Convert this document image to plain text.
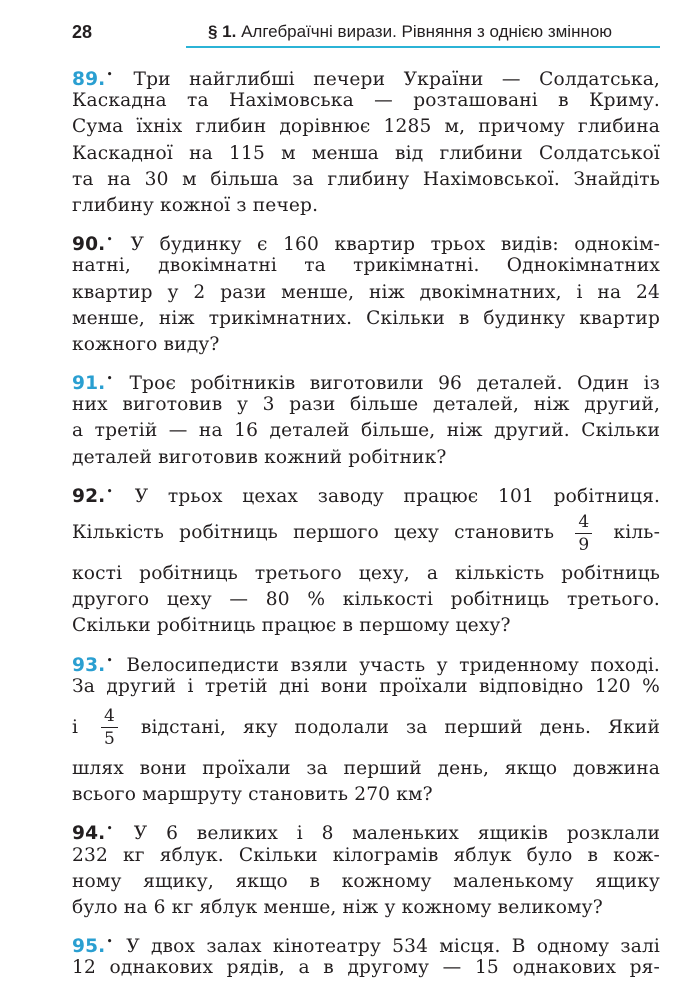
28	§ 1. Алгебраїчні вирази. Рівняння з однією змінною
89.• Три найглибші печери України — Солдатська,
Каскадна та Нахімовська — розташовані в Криму.
Сума їхніх глибин дорівнює 1285 м, причому глибина
Каскадної на 115 м менша від глибини Солдатської
та на 30 м більша за глибину Нахімовської. Знайдіть
глибину кожної з печер.
90.• У будинку є 160 квартир трьох видів: однокім-
натні, двокімнатні та трикімнатні. Однокімнатних
квартир у 2 рази менше, ніж двокімнатних, і на 24
менше, ніж трикімнатних. Скільки в будинку квартир
кожного виду?
91.• Троє робітників виготовили 96 деталей. Один із
них виготовив у 3 рази більше деталей, ніж другий,
а третій — на 16 деталей більше, ніж другий. Скільки
деталей виготовив кожний робітник?
92.• У трьох цехах заводу працює 101 робітниця.
Кількість робітниць першого цеху становить $\frac{4}{9}$ кіль-
кості робітниць третього цеху, а кількість робітниць
другого цеху — 80 % кількості робітниць третього.
Скільки робітниць працює в першому цеху?
93.• Велосипедисти взяли участь у триденному поході.
За другий і третій дні вони проїхали відповідно 120 %
і $\frac{4}{5}$ відстані, яку подолали за перший день. Який
шлях вони проїхали за перший день, якщо довжина
всього маршруту становить 270 км?
94.• У 6 великих і 8 маленьких ящиків розклали
232 кг яблук. Скільки кілограмів яблук було в кож-
ному ящику, якщо в кожному маленькому ящику
було на 6 кг яблук менше, ніж у кожному великому?
95.• У двох залах кінотеатру 534 місця. В одному залі
12 однакових рядів, а в другому — 15 однакових ря-
